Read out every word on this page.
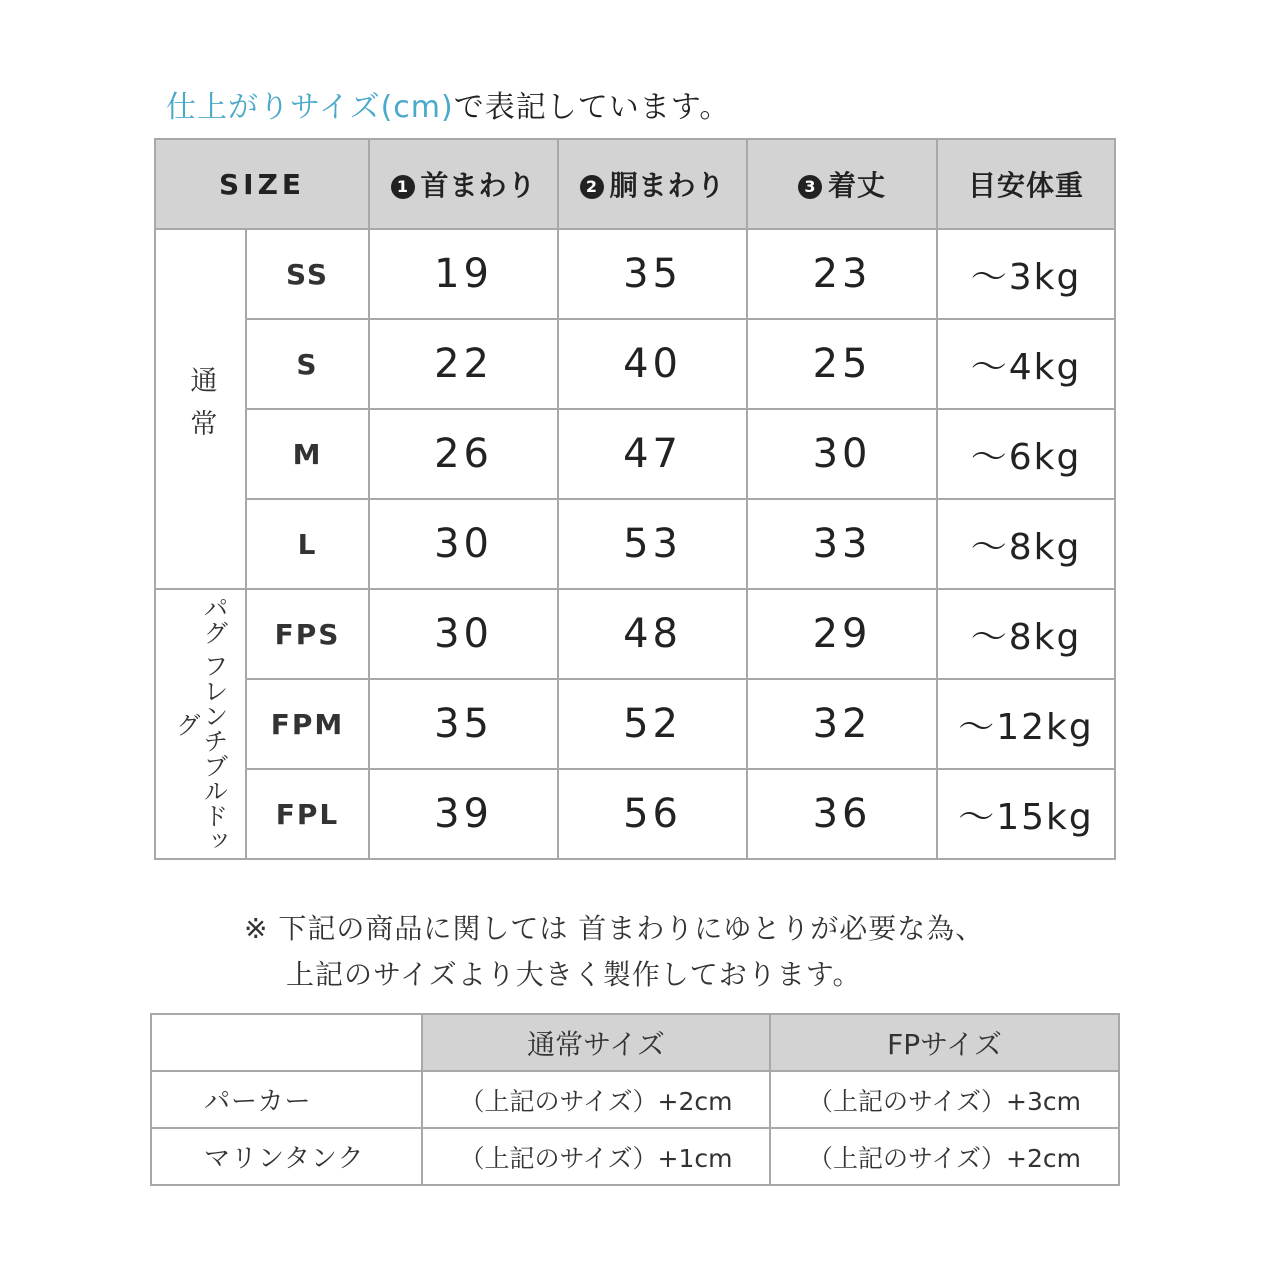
仕上がりサイズ(cm)で表記しています。
SIZE		1 首まわり	2 胴まわり	3 着丈	目安体重

通常	SS	19	35	23	～3kg
	S	22	40	25	～4kg
	M	26	47	30	～6kg
	L	30	53	33	～8kg

パグ フレンチブルドッグ	FPS	30	48	29	～8kg
	FPM	35	52	32	～12kg
	FPL	39	56	36	～15kg
※ 下記の商品に関しては 首まわりにゆとりが必要な為、
上記のサイズより大きく製作しております。
	通常サイズ	FPサイズ
パーカー	（上記のサイズ）+2cm	（上記のサイズ）+3cm
マリンタンク	（上記のサイズ）+1cm	（上記のサイズ）+2cm
